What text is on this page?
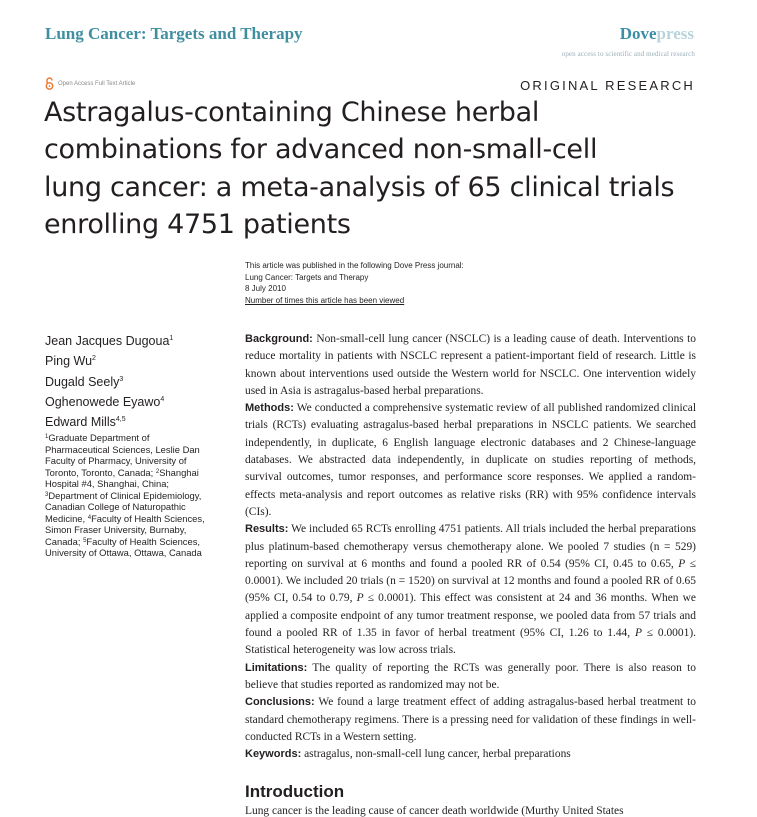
Lung Cancer: Targets and Therapy	Dovepress
open access to scientific and medical research
Open Access Full Text Article	ORIGINAL RESEARCH
Astragalus-containing Chinese herbal
combinations for advanced non-small-cell
lung cancer: a meta-analysis of 65 clinical trials
enrolling 4751 patients
This article was published in the following Dove Press journal:
Lung Cancer: Targets and Therapy
8 July 2010
Number of times this article has been viewed
Jean Jacques Dugoua$^1$
Ping Wu$^2$
Dugald Seely$^3$
Oghenowede Eyawo$^4$
Edward Mills$^{4,5}$
$^1$Graduate Department of
Pharmaceutical Sciences, Leslie Dan
Faculty of Pharmacy, University of
Toronto, Toronto, Canada; $^2$Shanghai
Hospital #4, Shanghai, China;
$^3$Department of Clinical Epidemiology,
Canadian College of Naturopathic
Medicine, $^4$Faculty of Health Sciences,
Simon Fraser University, Burnaby,
Canada; $^5$Faculty of Health Sciences,
University of Ottawa, Ottawa, Canada

Background: Non-small-cell lung cancer (NSCLC) is a leading cause of death. Interventions to reduce mortality in patients with NSCLC represent a patient-important field of research. Little is known about interventions used outside the Western world for NSCLC. One intervention widely used in Asia is astragalus-based herbal preparations.

Methods: We conducted a comprehensive systematic review of all published randomized clinical trials (RCTs) evaluating astragalus-based herbal preparations in NSCLC patients. We searched independently, in duplicate, 6 English language electronic databases and 2 Chinese-language databases. We abstracted data independently, in duplicate on studies reporting of methods, survival outcomes, tumor responses, and performance score responses. We applied a random-effects meta-analysis and report outcomes as relative risks (RR) with 95% confidence intervals (CIs).

Results: We included 65 RCTs enrolling 4751 patients. All trials included the herbal preparations plus platinum-based chemotherapy versus chemotherapy alone. We pooled 7 studies (n = 529) reporting on survival at 6 months and found a pooled RR of 0.54 (95% CI, 0.45 to 0.65, P ≤ 0.0001). We included 20 trials (n = 1520) on survival at 12 months and found a pooled RR of 0.65 (95% CI, 0.54 to 0.79, P ≤ 0.0001). This effect was consistent at 24 and 36 months. When we applied a composite endpoint of any tumor treatment response, we pooled data from 57 trials and found a pooled RR of 1.35 in favor of herbal treatment (95% CI, 1.26 to 1.44, P ≤ 0.0001). Statistical heterogeneity was low across trials.

Limitations: The quality of reporting the RCTs was generally poor. There is also reason to believe that studies reported as randomized may not be.

Conclusions: We found a large treatment effect of adding astragalus-based herbal treatment to standard chemotherapy regimens. There is a pressing need for validation of these findings in well-conducted RCTs in a Western setting.

Keywords: astragalus, non-small-cell lung cancer, herbal preparations

Introduction
Lung cancer is the leading cause of cancer death worldwide (Murthy United States
